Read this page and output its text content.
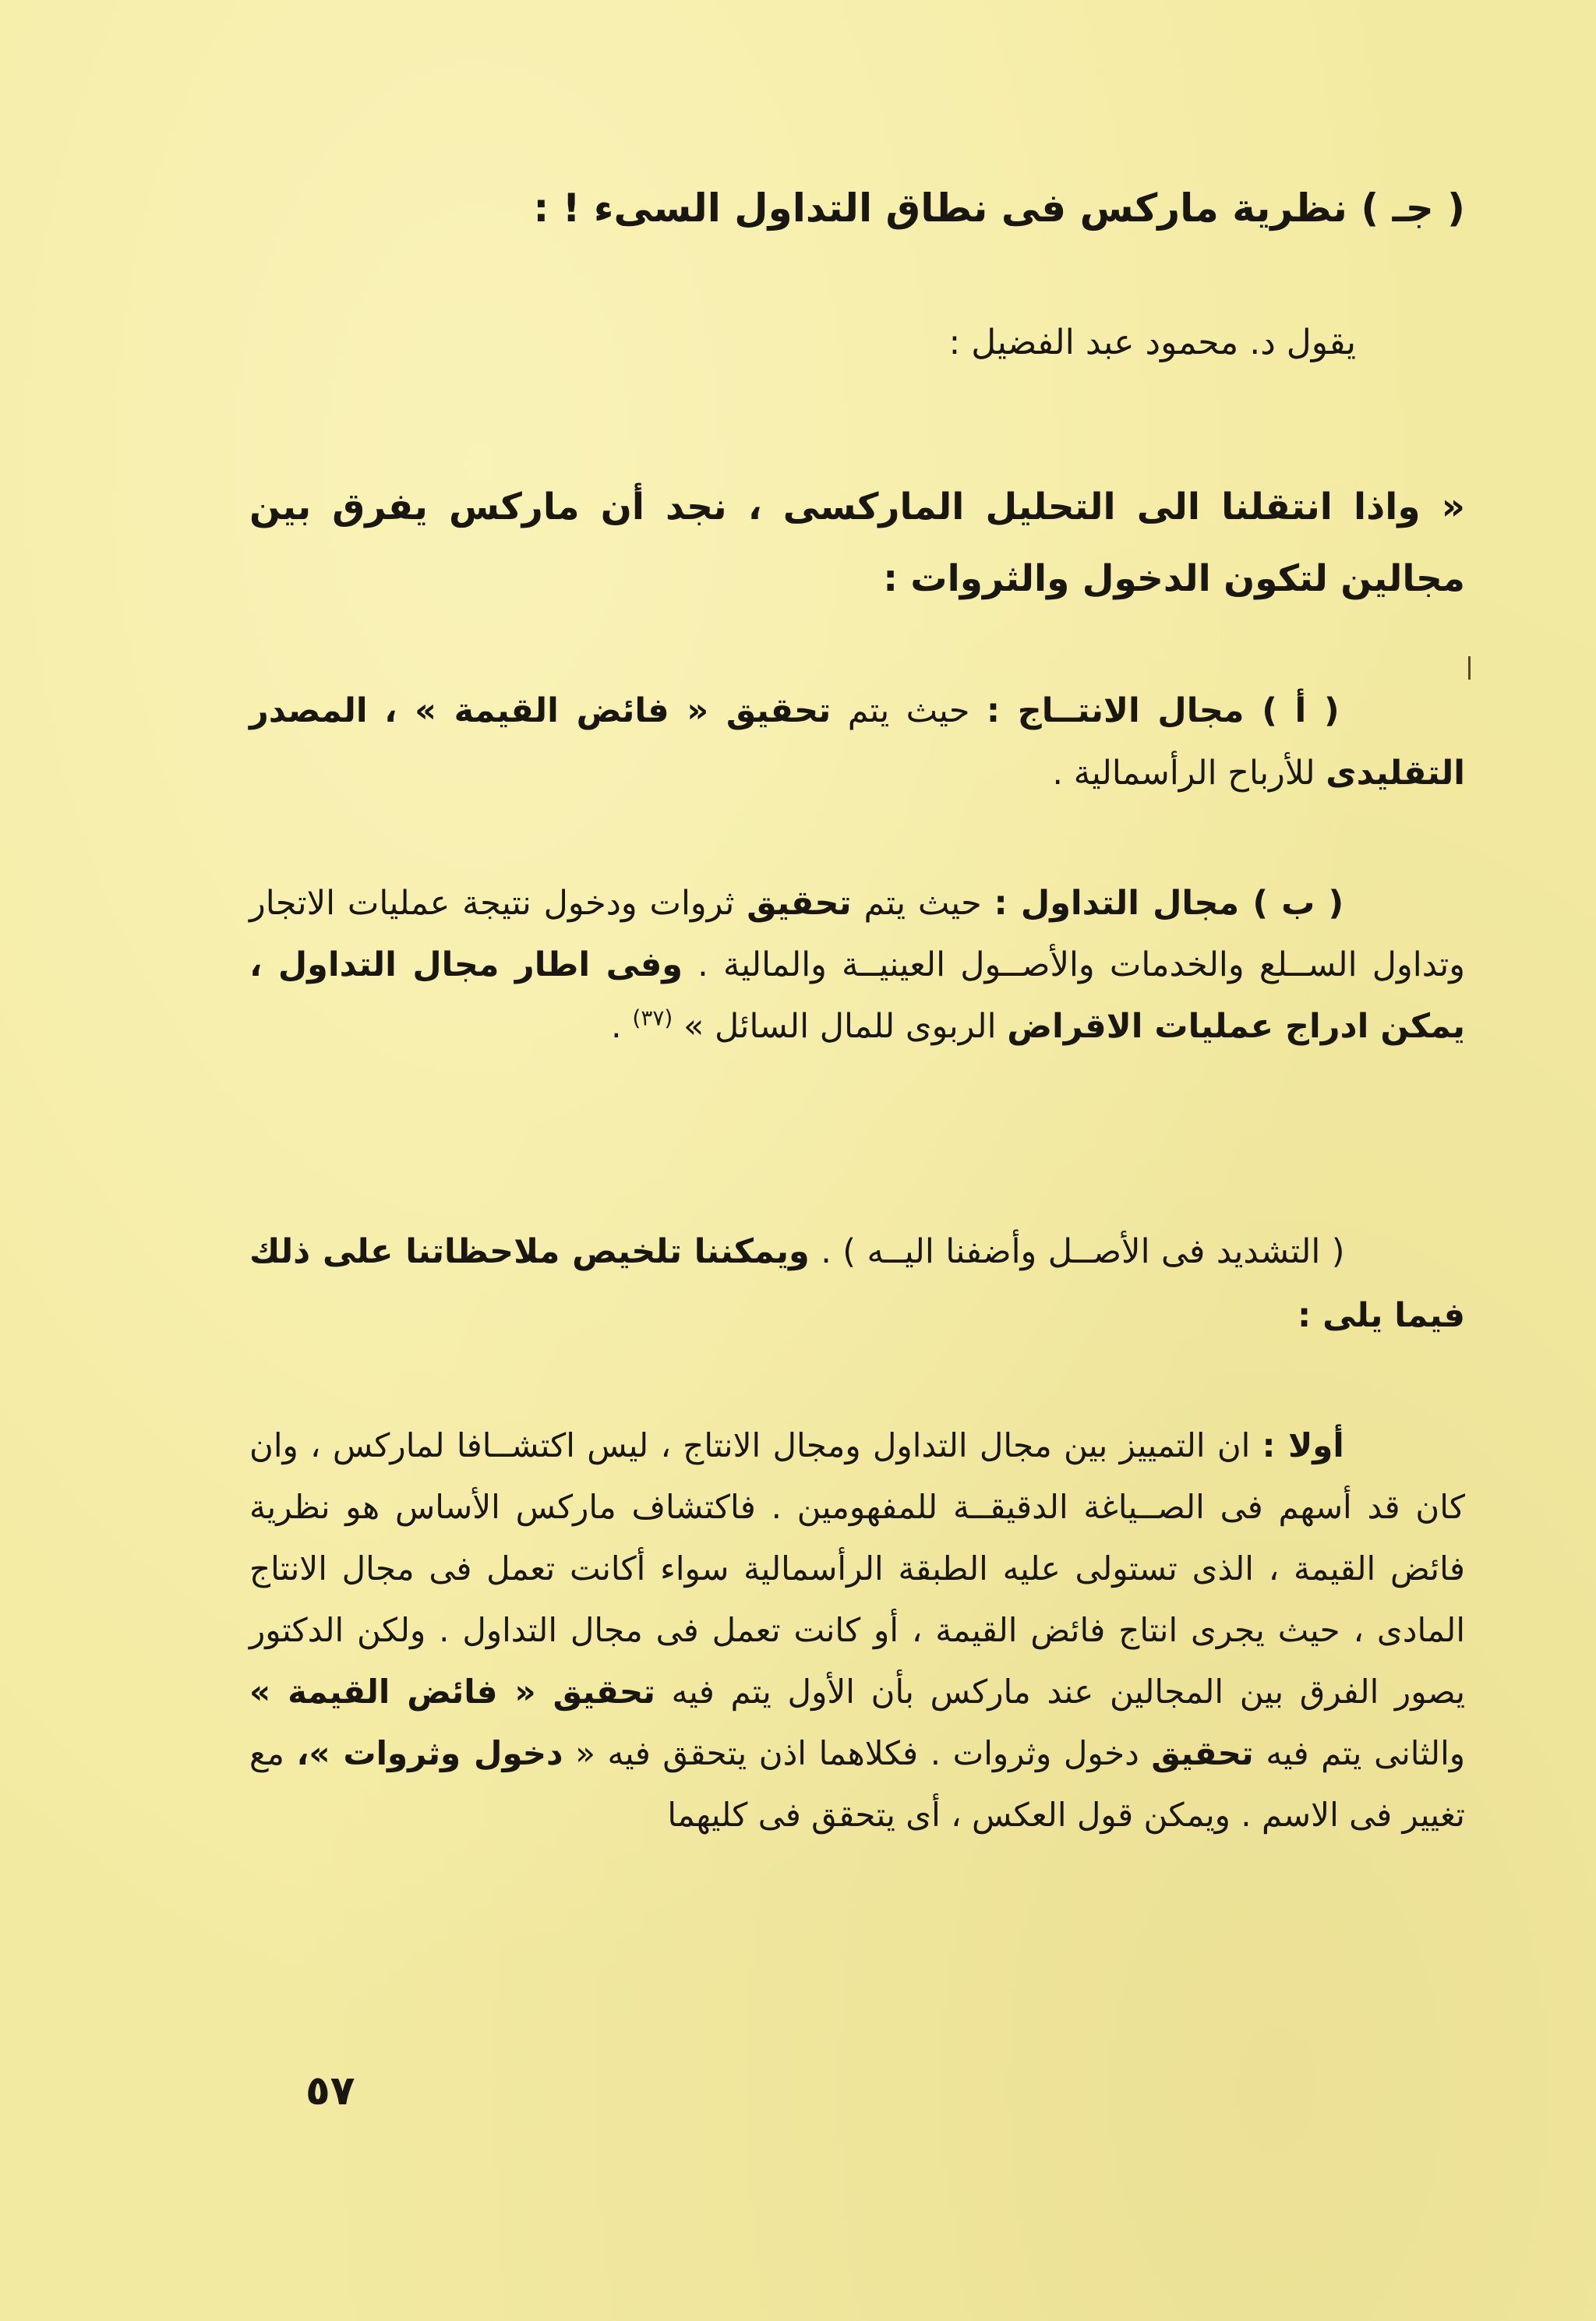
( جـ ) نظرية ماركس فى نطاق التداول السىء ! :
يقول د. محمود عبد الفضيل :

« واذا انتقلنا الى التحليل الماركسى ، نجد أن ماركس يفرق بين مجالين لتكون الدخول والثروات :

( أ ) مجال الانتــاج : حيث يتم تحقيق « فائض القيمة » ، المصدر التقليدى للأرباح الرأسمالية .

( ب ) مجال التداول : حيث يتم تحقيق ثروات ودخول نتيجة عمليات الاتجار وتداول الســلع والخدمات والأصــول العينيــة والمالية . وفى اطار مجال التداول ، يمكن ادراج عمليات الاقراض الربوى للمال السائل » $^{(٣٧)}$ .

( التشديد فى الأصــل وأضفنا اليــه ) . ويمكننا تلخيص ملاحظاتنا على ذلك فيما يلى :

أولا : ان التمييز بين مجال التداول ومجال الانتاج ، ليس اكتشــافا لماركس ، وان كان قد أسهم فى الصــياغة الدقيقــة للمفهومين . فاكتشاف ماركس الأساس هو نظرية فائض القيمة ، الذى تستولى عليه الطبقة الرأسمالية سواء أكانت تعمل فى مجال الانتاج المادى ، حيث يجرى انتاج فائض القيمة ، أو كانت تعمل فى مجال التداول . ولكن الدكتور يصور الفرق بين المجالين عند ماركس بأن الأول يتم فيه تحقيق « فائض القيمة » والثانى يتم فيه تحقيق دخول وثروات . فكلاهما اذن يتحقق فيه « دخول وثروات »، مع تغيير فى الاسم . ويمكن قول العكس ، أى يتحقق فى كليهما

٥٧
